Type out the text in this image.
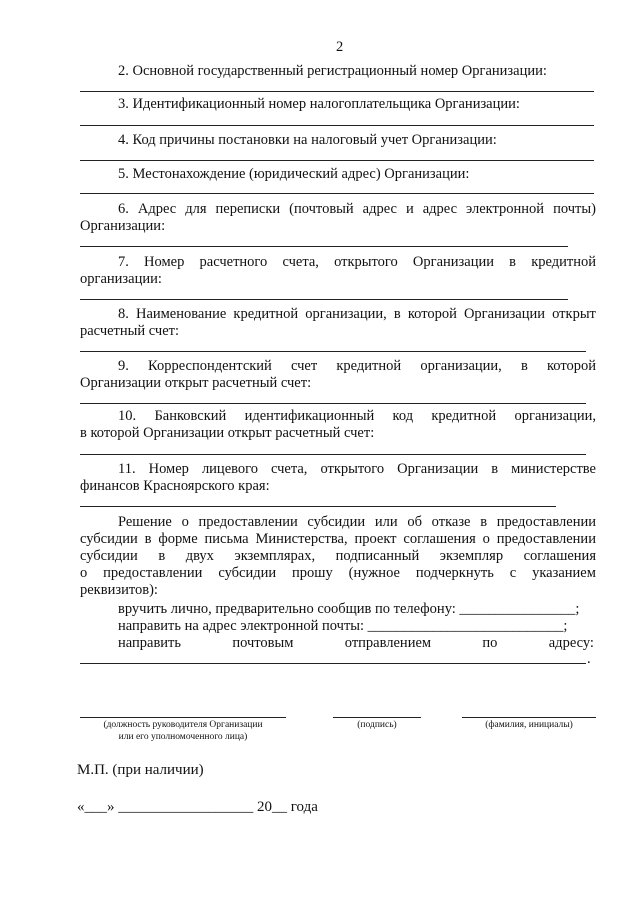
2
2. Основной государственный регистрационный номер Организации:
3. Идентификационный номер налогоплательщика Организации:
4. Код причины постановки на налоговый учет Организации:
5. Местонахождение (юридический адрес) Организации:
6. Адрес для переписки (почтовый адрес и адрес электронной почты)
Организации:
7. Номер расчетного счета, открытого Организации в кредитной
организации:
8. Наименование кредитной организации, в которой Организации открыт
расчетный счет:
9. Корреспондентский счет кредитной организации, в которой
Организации открыт расчетный счет:
10. Банковский идентификационный код кредитной организации,
в которой Организации открыт расчетный счет:
11. Номер лицевого счета, открытого Организации в министерстве
финансов Красноярского края:
Решение о предоставлении субсидии или об отказе в предоставлении
субсидии в форме письма Министерства, проект соглашения о предоставлении
субсидии в двух экземплярах, подписанный экземпляр соглашения
о предоставлении субсидии прошу (нужное подчеркнуть с указанием
реквизитов):
вручить лично, предварительно сообщив по телефону: ________________;
направить на адрес электронной почты: ___________________________;
направить	почтовым	отправлением	по	адресу:
.
(должность руководителя Организации
или его уполномоченного лица)
(подпись)	(фамилия, инициалы)
М.П. (при наличии)
«___» __________________ 20__ года
